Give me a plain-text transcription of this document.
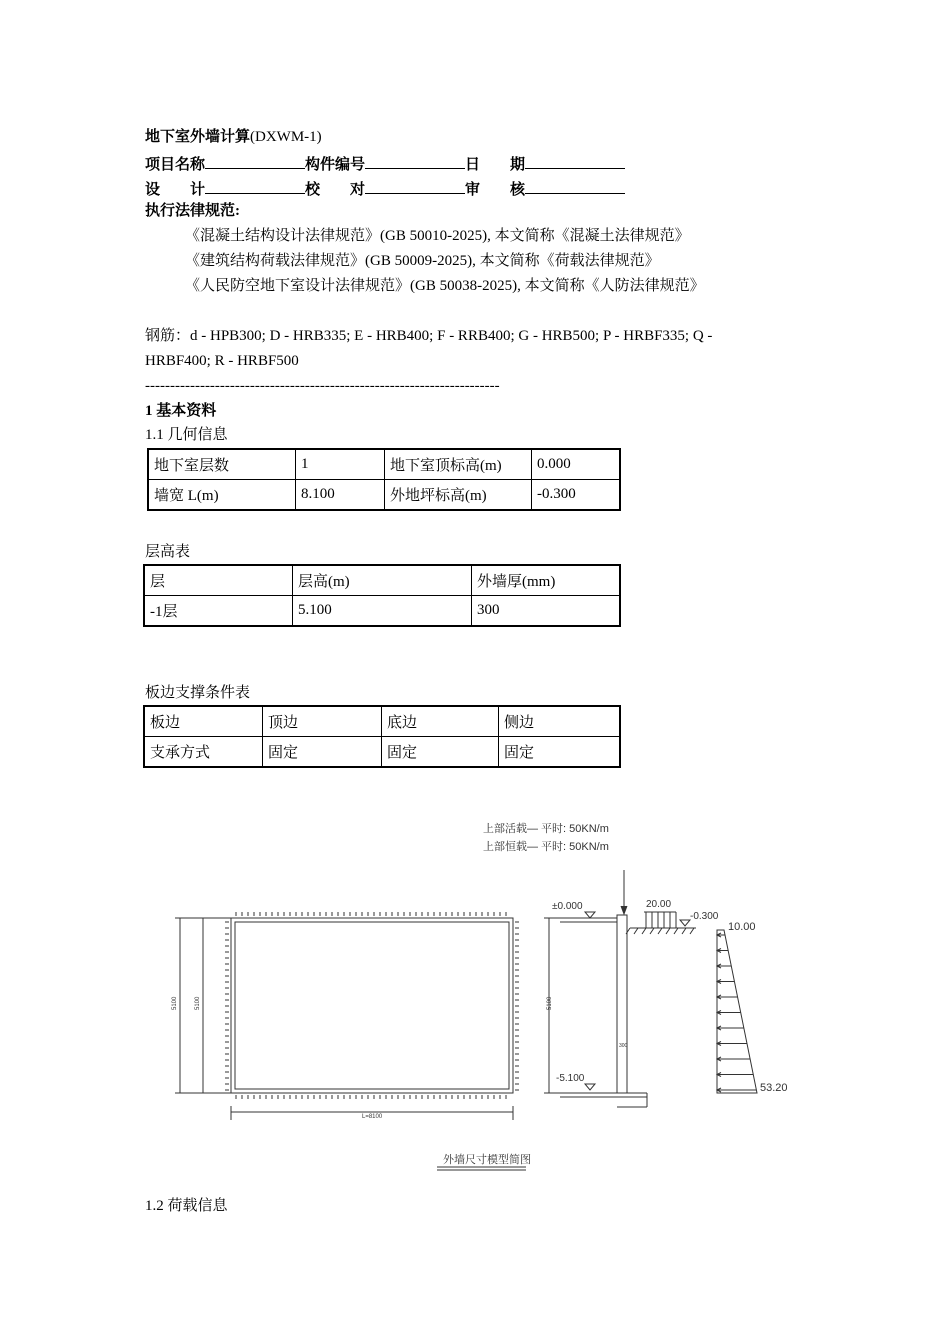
地下室外墙计算(DXWM-1)
项目名称	构件编号	日　　期
设　　计	校　　对	审　　核
执行法律规范:
《混凝土结构设计法律规范》(GB 50010-2025), 本文简称《混凝土法律规范》
《建筑结构荷载法律规范》(GB 50009-2025), 本文简称《荷载法律规范》
《人民防空地下室设计法律规范》(GB 50038-2025), 本文简称《人防法律规范》
钢筋：d - HPB300; D - HRB335; E - HRB400; F - RRB400; G - HRB500; P - HRBF335; Q -
HRBF400; R - HRBF500
-----------------------------------------------------------------------
1 基本资料
1.1 几何信息
地下室层数	1	地下室顶标高(m)	0.000
墙宽 L(m)	8.100	外地坪标高(m)	-0.300
层高表
层	层高(m)	外墙厚(mm)
-1层	5.100	300
板边支撑条件表
板边	顶边	底边	侧边
支承方式	固定	固定	固定
上部活载— 平时: 50KN/m
上部恒载— 平时: 50KN/m
5100	5100
L=8100
5100
300
±0.000
-5.100
20.00
-0.300
10.00
53.20
外墙尺寸模型简图
1.2 荷载信息
